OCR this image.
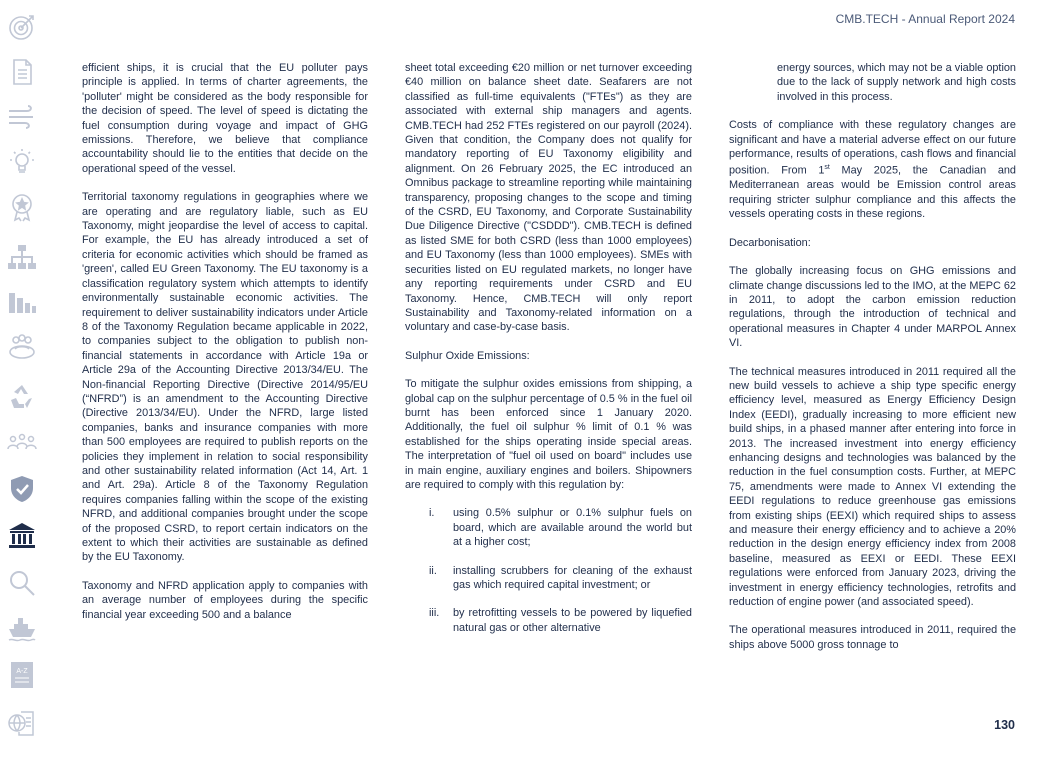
A-Z
CMB.TECH - Annual Report 2024

efficient ships, it is crucial that the EU polluter pays principle is applied. In terms of charter agreements, the 'polluter' might be considered as the body responsible for the decision of speed. The level of speed is dictating the fuel consumption during voyage and impact of GHG emissions. Therefore, we believe that compliance accountability should lie to the entities that decide on the operational speed of the vessel.

Territorial taxonomy regulations in geographies where we are operating and are regulatory liable, such as EU Taxonomy, might jeopardise the level of access to capital. For example, the EU has already introduced a set of criteria for economic activities which should be framed as 'green', called EU Green Taxonomy. The EU taxonomy is a classification regulatory system which attempts to identify environmentally sustainable economic activities. The requirement to deliver sustainability indicators under Article 8 of the Taxonomy Regulation became applicable in 2022, to companies subject to the obligation to publish non-financial statements in accordance with Article 19a or Article 29a of the Accounting Directive 2013/34/EU. The Non-financial Reporting Directive (Directive 2014/95/EU (“NFRD”) is an amendment to the Accounting Directive (Directive 2013/34/EU). Under the NFRD, large listed companies, banks and insurance companies with more than 500 employees are required to publish reports on the policies they implement in relation to social responsibility and other sustainability related information (Act 14, Art. 1 and Art. 29a). Article 8 of the Taxonomy Regulation requires companies falling within the scope of the existing NFRD, and additional companies brought under the scope of the proposed CSRD, to report certain indicators on the extent to which their activities are sustainable as defined by the EU Taxonomy.

Taxonomy and NFRD application apply to companies with an average number of employees during the specific financial year exceeding 500 and a balance

sheet total exceeding €20 million or net turnover exceeding €40 million on balance sheet date. Seafarers are not classified as full-time equivalents ("FTEs") as they are associated with external ship managers and agents. CMB.TECH had 252 FTEs registered on our payroll (2024). Given that condition, the Company does not qualify for mandatory reporting of EU Taxonomy eligibility and alignment. On 26 February 2025, the EC introduced an Omnibus package to streamline reporting while maintaining transparency, proposing changes to the scope and timing of the CSRD, EU Taxonomy, and Corporate Sustainability Due Diligence Directive ("CSDDD"). CMB.TECH is defined as listed SME for both CSRD (less than 1000 employees) and EU Taxonomy (less than 1000 employees). SMEs with securities listed on EU regulated markets, no longer have any reporting requirements under CSRD and EU Taxonomy. Hence, CMB.TECH will only report Sustainability and Taxonomy-related information on a voluntary and case-by-case basis.

Sulphur Oxide Emissions:

To mitigate the sulphur oxides emissions from shipping, a global cap on the sulphur percentage of 0.5 % in the fuel oil burnt has been enforced since 1 January 2020. Additionally, the fuel oil sulphur % limit of 0.1 % was established for the ships operating inside special areas. The interpretation of "fuel oil used on board" includes use in main engine, auxiliary engines and boilers. Shipowners are required to comply with this regulation by:

i.	using 0.5% sulphur or 0.1% sulphur fuels on board, which are available around the world but at a higher cost;
ii.	installing scrubbers for cleaning of the exhaust gas which required capital investment; or
iii.	by retrofitting vessels to be powered by liquefied natural gas or other alternative

energy sources, which may not be a viable option due to the lack of supply network and high costs involved in this process.

Costs of compliance with these regulatory changes are significant and have a material adverse effect on our future performance, results of operations, cash flows and financial position. From 1st May 2025, the Canadian and Mediterranean areas would be Emission control areas requiring stricter sulphur compliance and this affects the vessels operating costs in these regions.

Decarbonisation:

The globally increasing focus on GHG emissions and climate change discussions led to the IMO, at the MEPC 62 in 2011, to adopt the carbon emission reduction regulations, through the introduction of technical and operational measures in Chapter 4 under MARPOL Annex VI.

The technical measures introduced in 2011 required all the new build vessels to achieve a ship type specific energy efficiency level, measured as Energy Efficiency Design Index (EEDI), gradually increasing to more efficient new build ships, in a phased manner after entering into force in 2013. The increased investment into energy efficiency enhancing designs and technologies was balanced by the reduction in the fuel consumption costs. Further, at MEPC 75, amendments were made to Annex VI extending the EEDI regulations to reduce greenhouse gas emissions from existing ships (EEXI) which required ships to assess and measure their energy efficiency and to achieve a 20% reduction in the design energy efficiency index from 2008 baseline, measured as EEXI or EEDI. These EEXI regulations were enforced from January 2023, driving the investment in energy efficiency technologies, retrofits and reduction of engine power (and associated speed).

The operational measures introduced in 2011, required the ships above 5000 gross tonnage to

130
